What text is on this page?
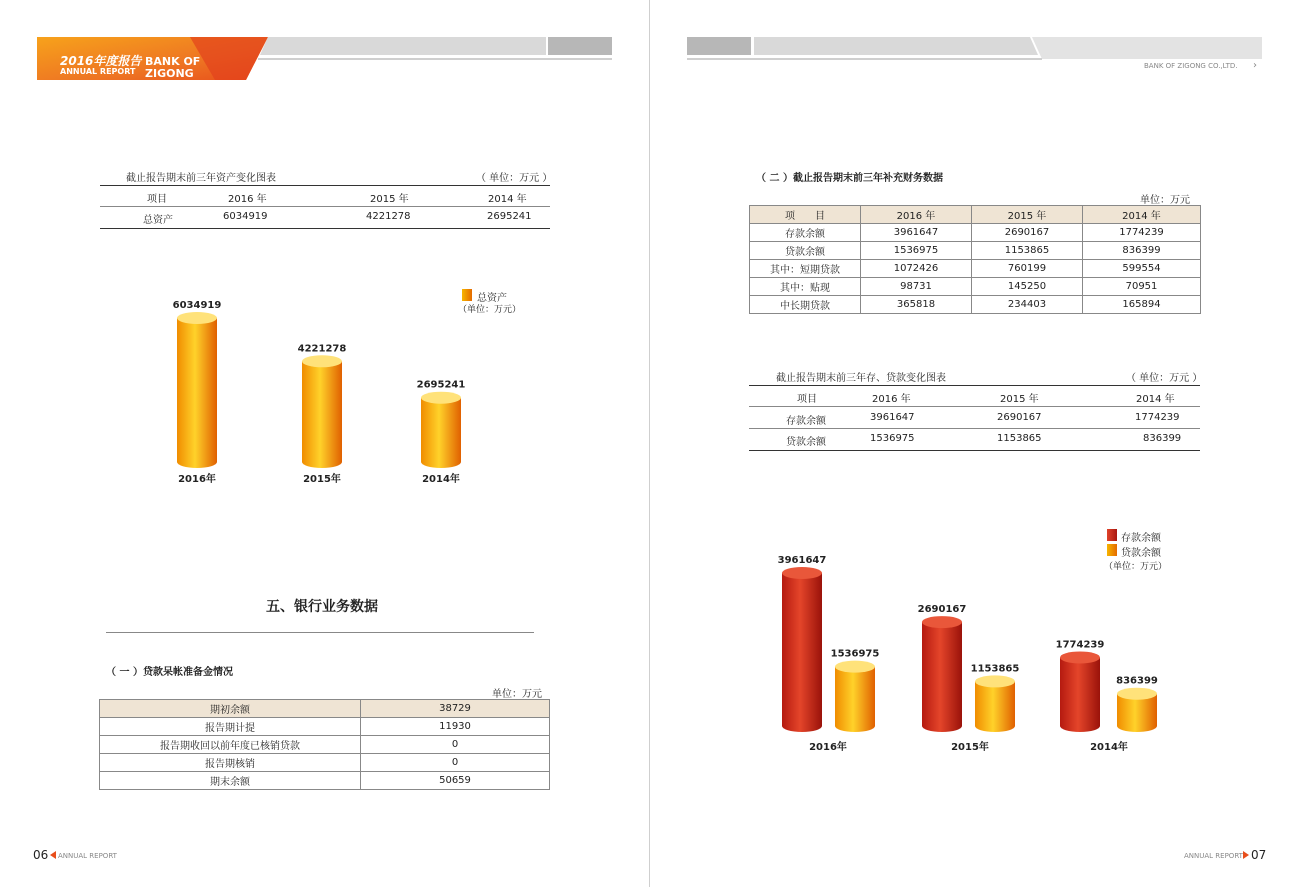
2016年度报告
ANNUAL REPORT
BANK OF
ZIGONG
截止报告期末前三年资产变化图表	（ 单位：万元 ）
项目	2016 年	2015 年	2014 年
总资产	6034919	4221278	2695241
6034919
2016年
4221278
2015年
2695241
2014年
总资产
（单位：万元）
五、银行业务数据
（ 一 ）贷款呆帐准备金情况
单位：万元
期初余额	38729
报告期计提	11930
报告期收回以前年度已核销贷款	0
报告期核销	0
期末余额	50659
06 ANNUAL REPORT
BANK OF ZIGONG CO.,LTD. ›
（ 二 ）截止报告期末前三年补充财务数据
单位：万元
项　　目	2016 年	2015 年	2014 年
存款余额	3961647	2690167	1774239
贷款余额	1536975	1153865	836399
其中：短期贷款	1072426	760199	599554
其中：贴现	98731	145250	70951
中长期贷款	365818	234403	165894
截止报告期末前三年存、贷款变化图表	（ 单位：万元 ）
项目	2016 年	2015 年	2014 年
存款余额	3961647	2690167	1774239
贷款余额	1536975	1153865	836399
3961647
2690167
1774239
1536975
1153865
836399
2016年	2015年	2014年
存款余额
贷款余额
（单位：万元）
ANNUAL REPORT 07
